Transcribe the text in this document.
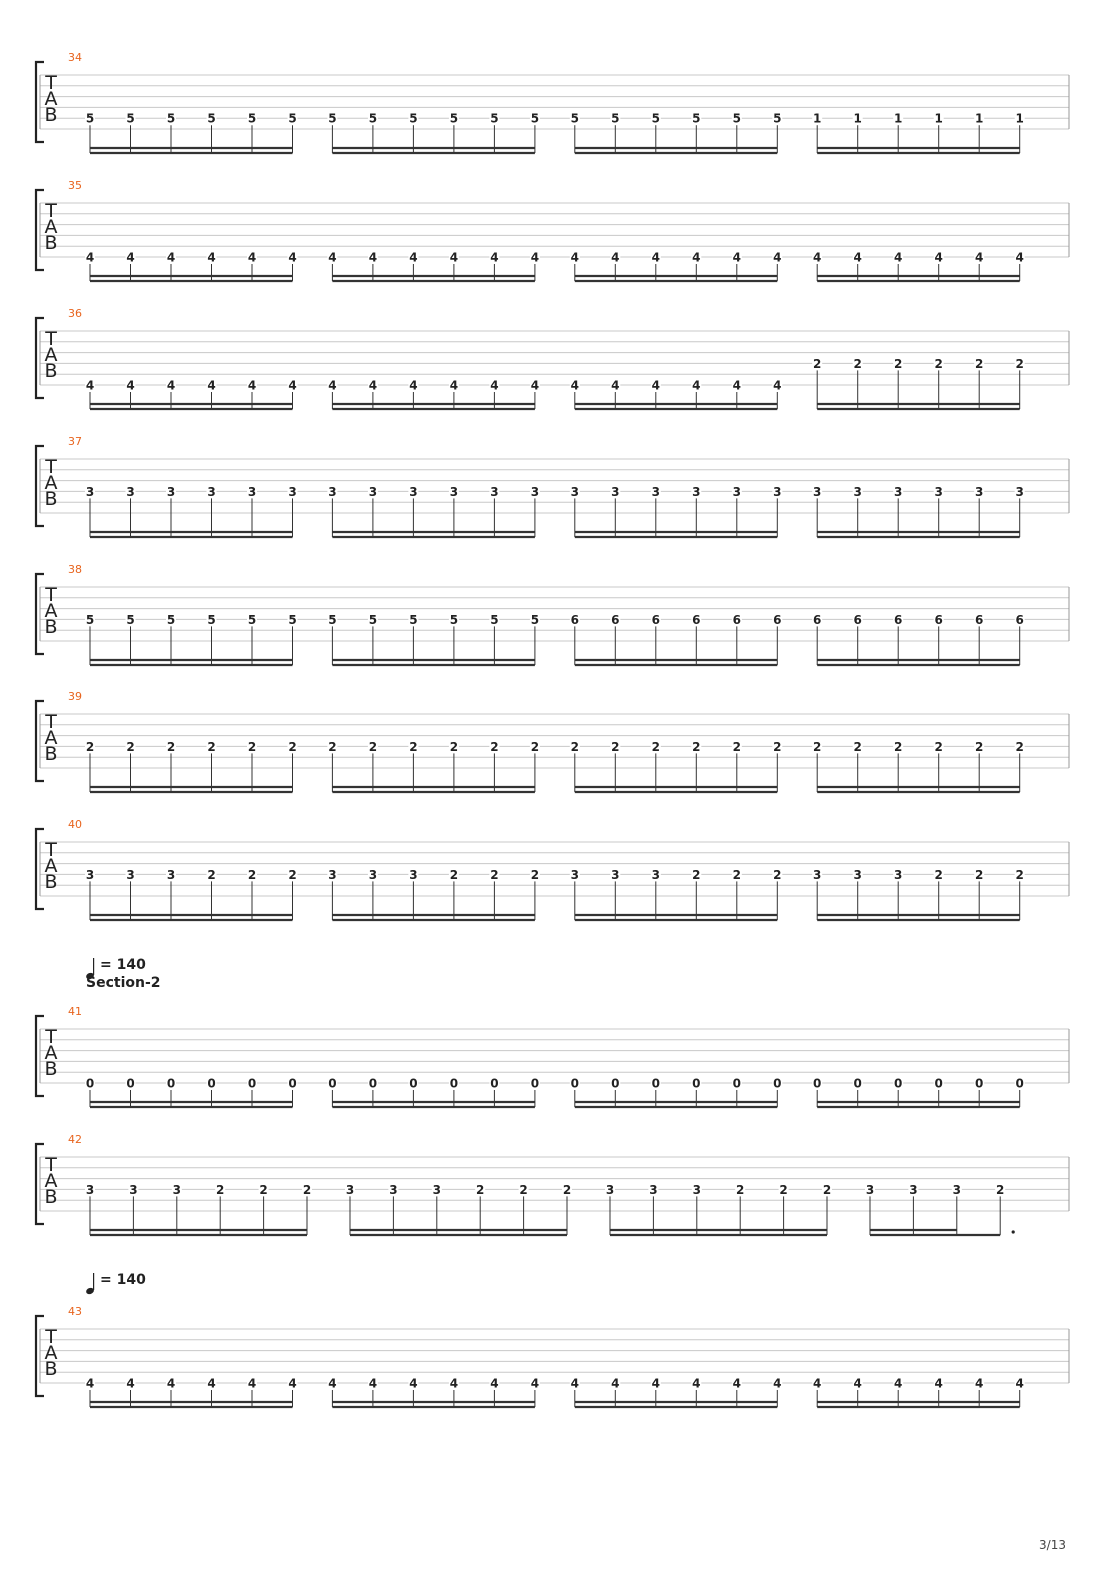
T
A
B
34
5	5	5	5	5	5	5	5	5	5	5	5	5	5	5	5	5	5	1	1	1	1	1	1
T
A
B
35
4	4	4	4	4	4	4	4	4	4	4	4	4	4	4	4	4	4	4	4	4	4	4	4
T
A
B
36
4	4	4	4	4	4	4	4	4	4	4	4	4	4	4	4	4	4
2	2	2	2	2	2
T
A
B
37
3	3	3	3	3	3	3	3	3	3	3	3	3	3	3	3	3	3	3	3	3	3	3	3
T
A
B
38
5	5	5	5	5	5	5	5	5	5	5	5	6	6	6	6	6	6	6	6	6	6	6	6
T
A
B
39
2	2	2	2	2	2	2	2	2	2	2	2	2	2	2	2	2	2	2	2	2	2	2	2
T
A
B
40
3	3	3	2	2	2	3	3	3	2	2	2	3	3	3	2	2	2	3	3	3	2	2	2
T
A
B
41
0	0	0	0	0	0	0	0	0	0	0	0	0	0	0	0	0	0	0	0	0	0	0	0
T
A
B
42
3	3	3	2	2	2	3	3	3	2	2	2	3	3	3	2	2	2	3	3	3	2
T
A
B
43
4	4	4	4	4	4	4	4	4	4	4	4	4	4	4	4	4	4	4	4	4	4	4	4
= 140
Section-2
= 140
3/13
